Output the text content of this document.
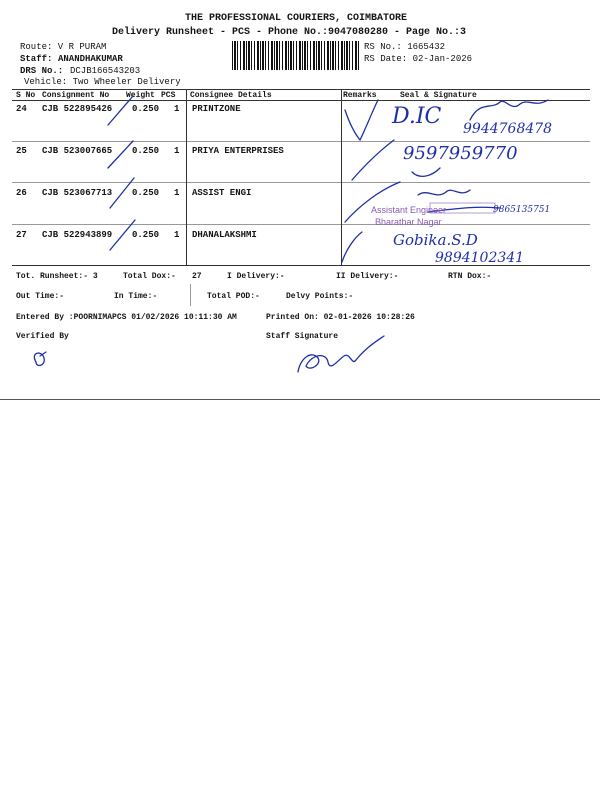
THE PROFESSIONAL COURIERS, COIMBATORE
Delivery Runsheet - PCS - Phone No.:9047080280 - Page No.:3
Route: V R PURAM
Staff: ANANDHAKUMAR
DRS No.: DCJB166543203
Vehicle: Two Wheeler Delivery
RS No.: 1665432
RS Date: 02-Jan-2026
S No Consignment No Weight PCS Consignee Details	Remarks	Seal & Signature
24 CJB 522895426 0.250 1 PRINTZONE
25 CJB 523007665 0.250 1 PRIYA ENTERPRISES
26 CJB 523067713 0.250 1 ASSIST ENGI
27 CJB 522943899 0.250 1 DHANALAKSHMI
D.IC 9944768478
9597959770
9865135751
Assistant Engineer
Bharathar Nagar
Gobika.S.D
9894102341
Tot. Runsheet:- 3	Total Dox:- 27	I Delivery:-	II Delivery:-	RTN Dox:-
Out Time:-	In Time:-	Total POD:-	Delvy Points:-
Entered By :POORNIMAPCS 01/02/2026 10:11:30 AM	Printed On: 02-01-2026 10:28:26
Verified By	Staff Signature
